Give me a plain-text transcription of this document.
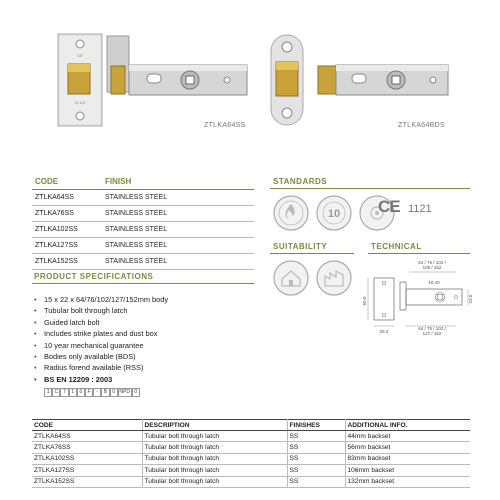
CE
ZL 121
ZTLKA64SS	ZTLKA64BDS
CODE	FINISH
ZTLKA64SS	STAINLESS STEEL
ZTLKA76SS	STAINLESS STEEL
ZTLKA102SS	STAINLESS STEEL
ZTLKA127SS	STAINLESS STEEL
ZTLKA152SS	STAINLESS STEEL
STANDARDS
10 CE 1121
SUITABILITY	TECHNICAL
64 / 76 / 102 /
108 / 152
60.0	23.0
10.40
25.2
64 / 76 / 102 /
127 / 152
PRODUCT SPECIFICATIONS
• 15 x 22 x 64/76/102/127/152mm body
• Tubular bolt through latch
• Guided latch bolt
• Includes strike plates and dust box
• 10 year mechanical guarantee
• Bodies only available (BDS)
• Radius forend available (RSS)
• BS EN 12209 : 2003
1 C 7	1	0	F	-	B	0 NPD 0
CODE	DESCRIPTION	FINISHES	ADDITIONAL INFO.
ZTLKA64SS	Tubular bolt through latch	SS	44mm backset
ZTLKA76SS	Tubular bolt through latch	SS	56mm backset
ZTLKA102SS	Tubular bolt through latch	SS	83mm backset
ZTLKA127SS	Tubular bolt through latch	SS	106mm backset
ZTLKA152SS	Tubular bolt through latch	SS	132mm backset
